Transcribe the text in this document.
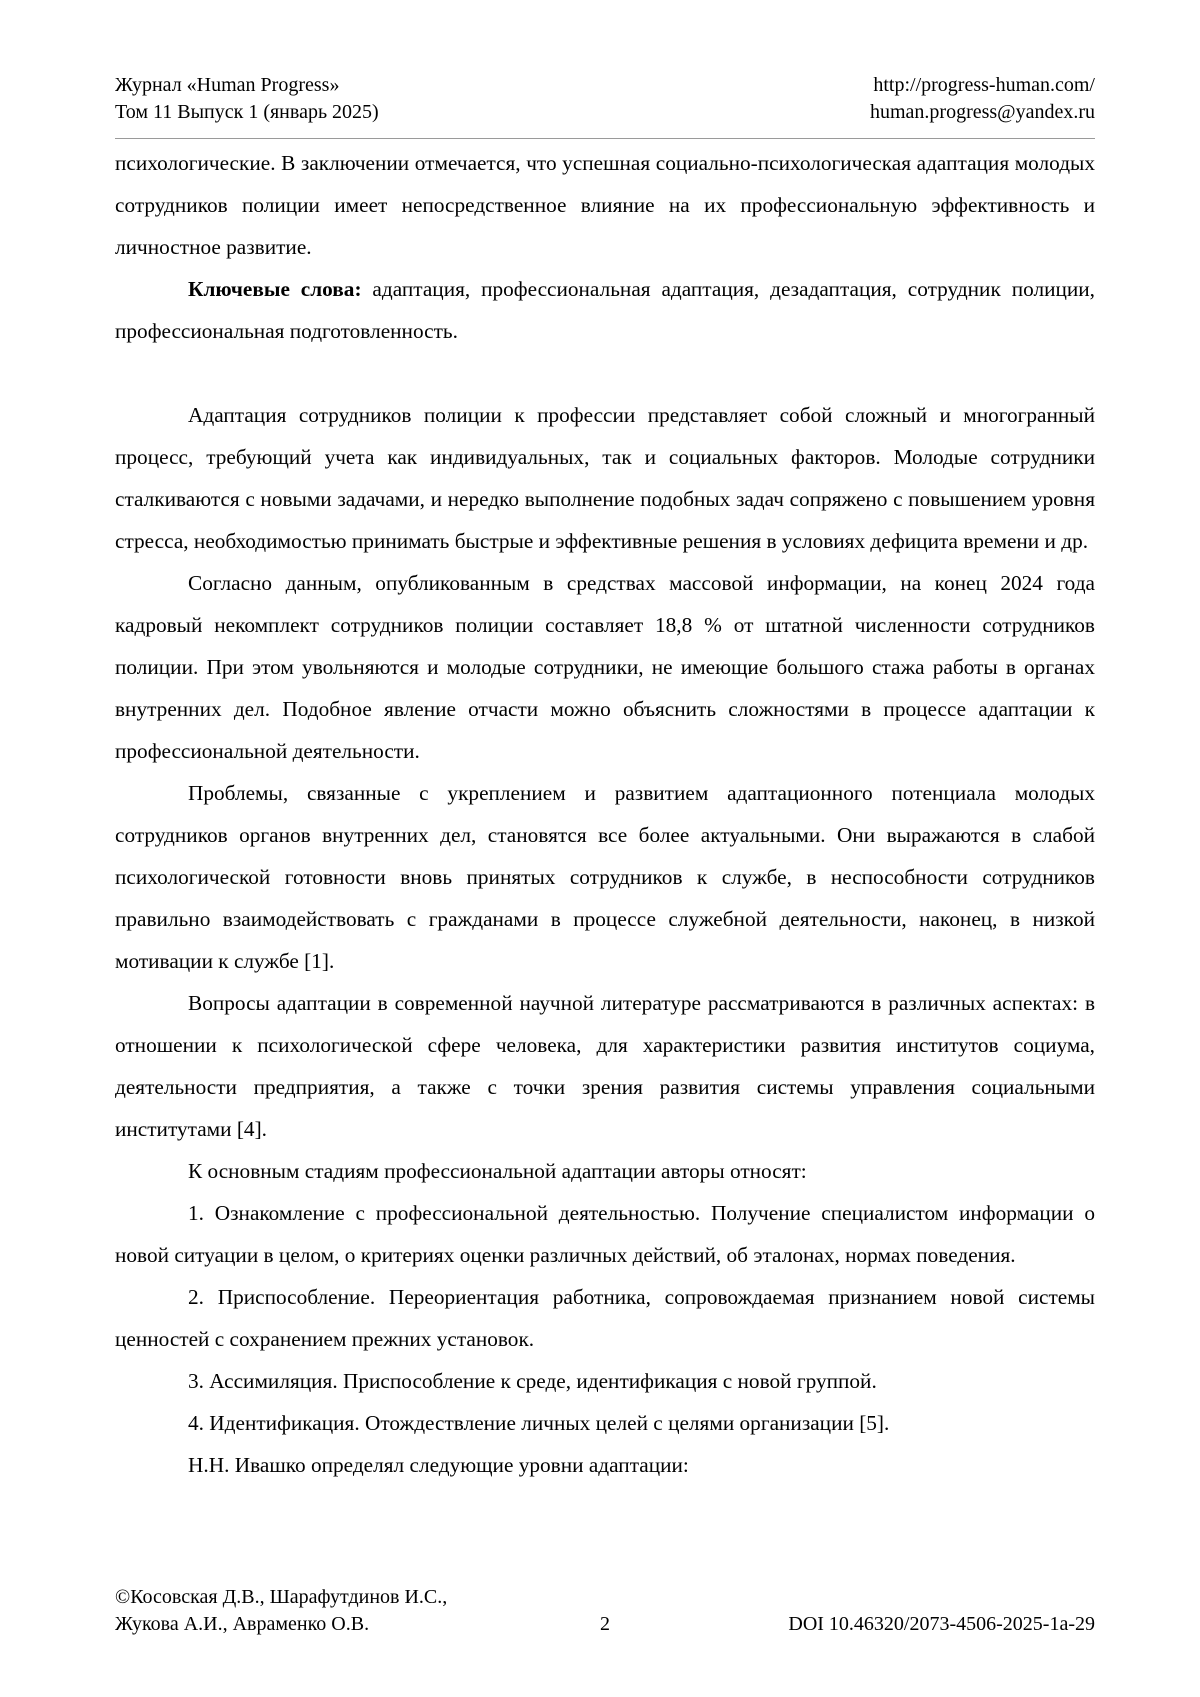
Журнал «Human Progress»
Том 11 Выпуск 1 (январь 2025)
http://progress-human.com/
human.progress@yandex.ru

психологические. В заключении отмечается, что успешная социально-психологическая адаптация молодых сотрудников полиции имеет непосредственное влияние на их профессиональную эффективность и личностное развитие.

Ключевые слова: адаптация, профессиональная адаптация, дезадаптация, сотрудник полиции, профессиональная подготовленность.

Адаптация сотрудников полиции к профессии представляет собой сложный и многогранный процесс, требующий учета как индивидуальных, так и социальных факторов. Молодые сотрудники сталкиваются с новыми задачами, и нередко выполнение подобных задач сопряжено с повышением уровня стресса, необходимостью принимать быстрые и эффективные решения в условиях дефицита времени и др.

Согласно данным, опубликованным в средствах массовой информации, на конец 2024 года кадровый некомплект сотрудников полиции составляет 18,8 % от штатной численности сотрудников полиции. При этом увольняются и молодые сотрудники, не имеющие большого стажа работы в органах внутренних дел. Подобное явление отчасти можно объяснить сложностями в процессе адаптации к профессиональной деятельности.

Проблемы, связанные с укреплением и развитием адаптационного потенциала молодых сотрудников органов внутренних дел, становятся все более актуальными. Они выражаются в слабой психологической готовности вновь принятых сотрудников к службе, в неспособности сотрудников правильно взаимодействовать с гражданами в процессе служебной деятельности, наконец, в низкой мотивации к службе [1].

Вопросы адаптации в современной научной литературе рассматриваются в различных аспектах: в отношении к психологической сфере человека, для характеристики развития институтов социума, деятельности предприятия, а также с точки зрения развития системы управления социальными институтами [4].

К основным стадиям профессиональной адаптации авторы относят:

1. Ознакомление с профессиональной деятельностью. Получение специалистом информации о новой ситуации в целом, о критериях оценки различных действий, об эталонах, нормах поведения.

2. Приспособление. Переориентация работника, сопровождаемая признанием новой системы ценностей с сохранением прежних установок.

3. Ассимиляция. Приспособление к среде, идентификация с новой группой.

4. Идентификация. Отождествление личных целей с целями организации [5].

Н.Н. Ивашко определял следующие уровни адаптации:

©Косовская Д.В., Шарафутдинов И.С.,
Жукова А.И., Авраменко О.В.	2	DOI 10.46320/2073-4506-2025-1а-29
